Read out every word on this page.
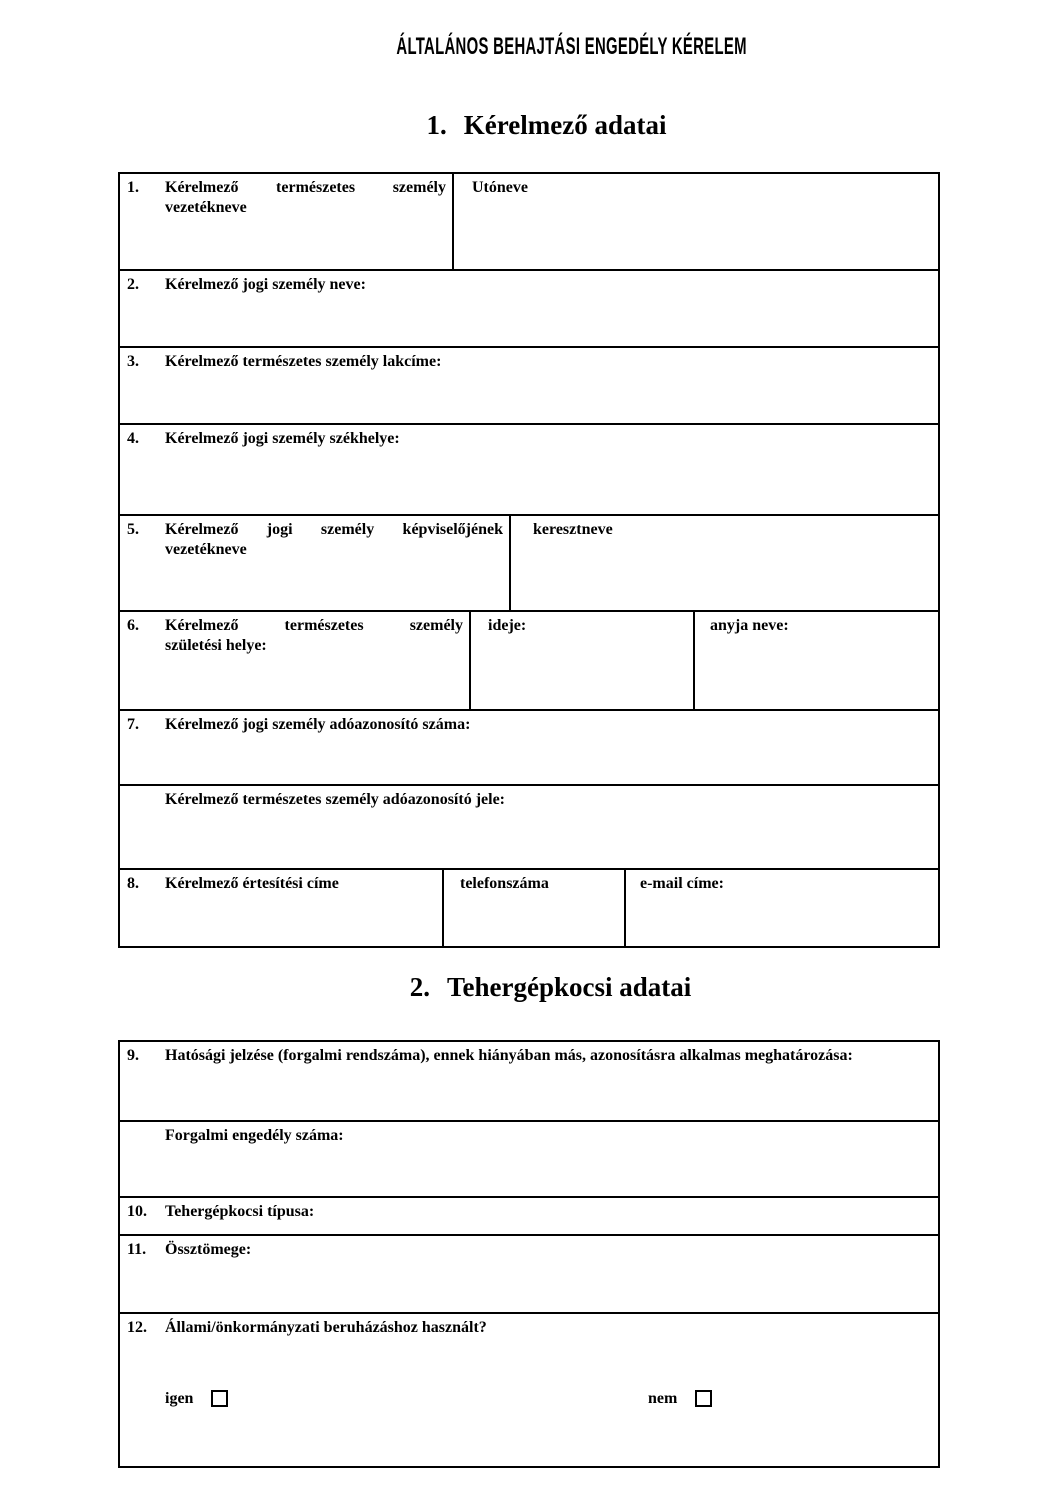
ÁLTALÁNOS BEHAJTÁSI ENGEDÉLY KÉRELEM
1. Kérelmező adatai
1.	Kérelmező természetes személy
vezetékneve
Utóneve
2.	Kérelmező jogi személy neve:
3.	Kérelmező természetes személy lakcíme:
4.	Kérelmező jogi személy székhelye:
5.	Kérelmező jogi személy képviselőjének
vezetékneve
keresztneve
6.	Kérelmező természetes személy
születési helye:
ideje:	anyja neve:
7.	Kérelmező jogi személy adóazonosító száma:
Kérelmező természetes személy adóazonosító jele:
8.	Kérelmező értesítési címe	telefonszáma	e-mail címe:
2. Tehergépkocsi adatai
9.	Hatósági jelzése (forgalmi rendszáma), ennek hiányában más, azonosításra alkalmas meghatározása:
Forgalmi engedély száma:
10.	Tehergépkocsi típusa:
11.	Össztömege:
12.	Állami/önkormányzati beruházáshoz használt?
igen	nem
